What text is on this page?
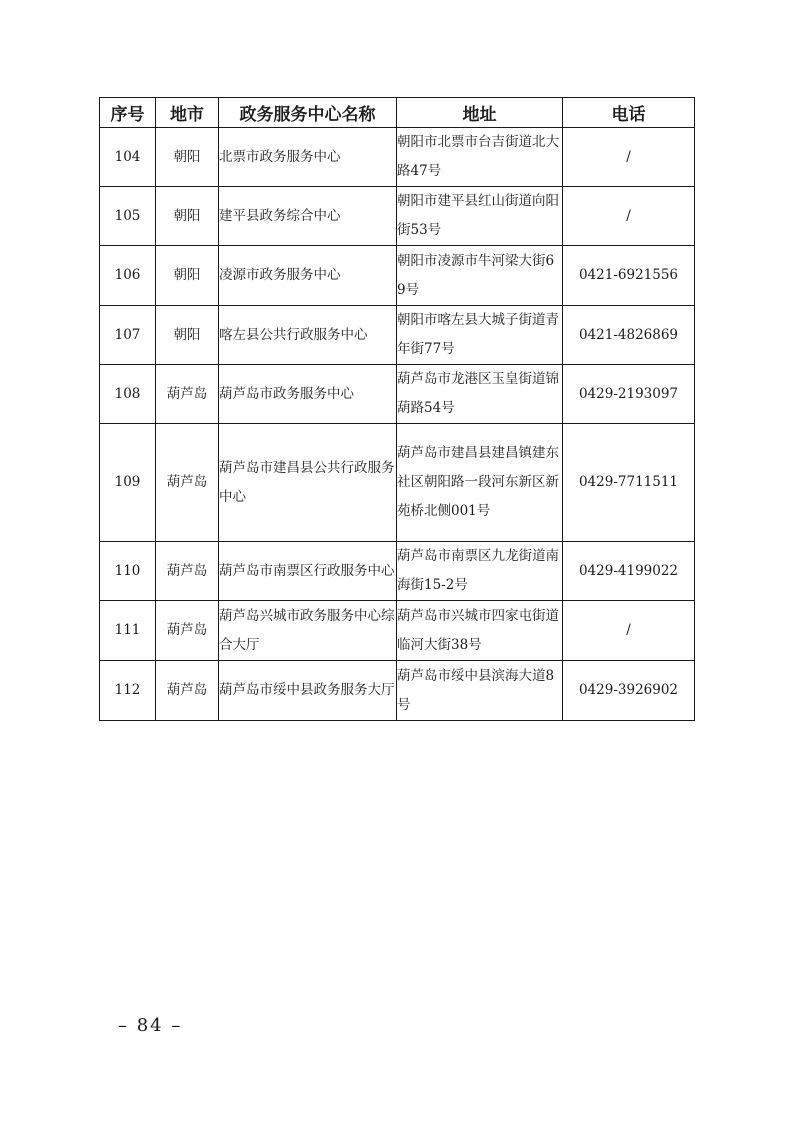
序号	地市	政务服务中心名称	地址	电话
104	朝阳	北票市政务服务中心	朝阳市北票市台吉街道北大路47号	/
105	朝阳	建平县政务综合中心	朝阳市建平县红山街道向阳街53号	/
106	朝阳	凌源市政务服务中心	朝阳市凌源市牛河梁大街69号	0421-6921556
107	朝阳	喀左县公共行政服务中心	朝阳市喀左县大城子街道青年街77号	0421-4826869
108	葫芦岛	葫芦岛市政务服务中心	葫芦岛市龙港区玉皇街道锦葫路54号	0429-2193097
109	葫芦岛	葫芦岛市建昌县公共行政服务中心	葫芦岛市建昌县建昌镇建东社区朝阳路一段河东新区新苑桥北侧001号	0429-7711511
110	葫芦岛	葫芦岛市南票区行政服务中心	葫芦岛市南票区九龙街道南海街15-2号	0429-4199022
111	葫芦岛	葫芦岛兴城市政务服务中心综合大厅	葫芦岛市兴城市四家屯街道临河大街38号	/
112	葫芦岛	葫芦岛市绥中县政务服务大厅	葫芦岛市绥中县滨海大道8号	0429-3926902
– 84 –
